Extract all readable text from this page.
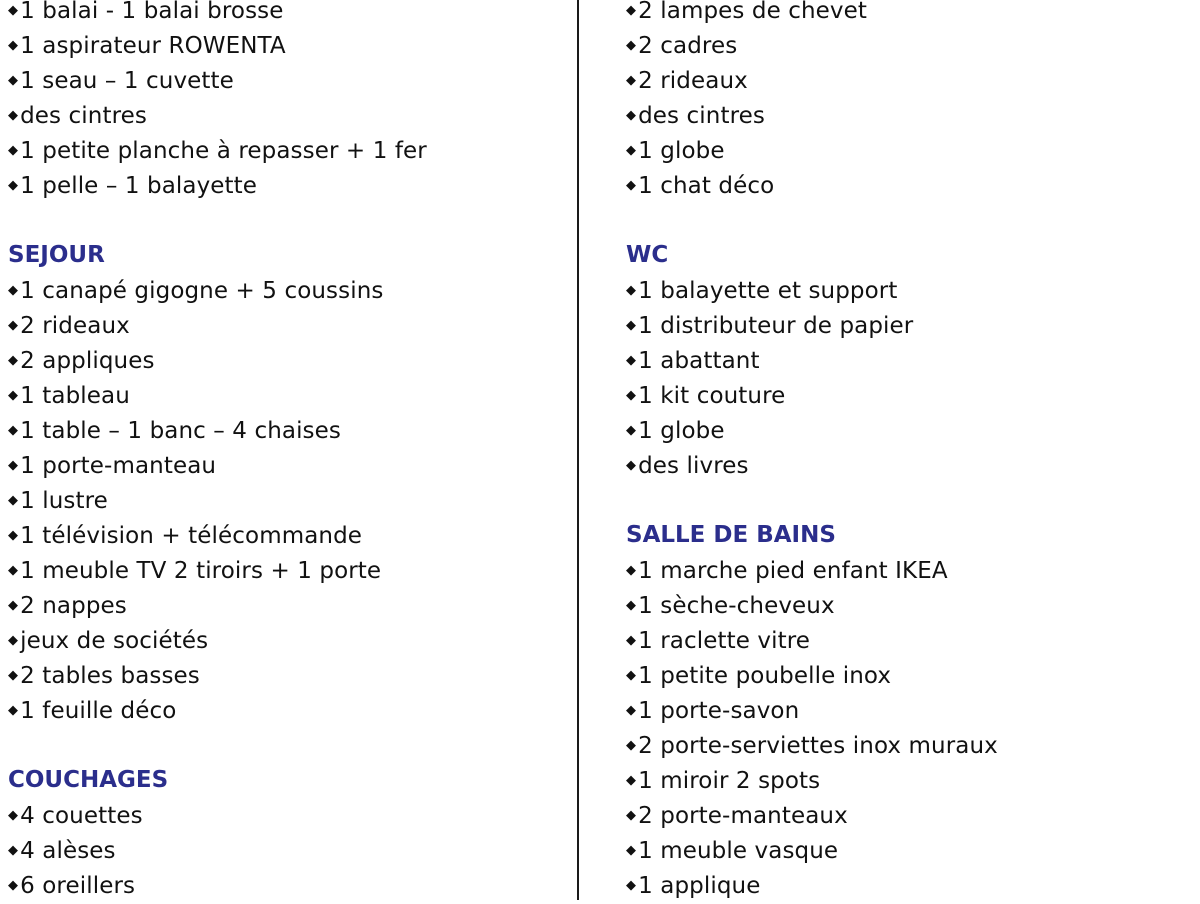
◆1 balai - 1 balai brosse
◆1 aspirateur ROWENTA
◆1 seau – 1 cuvette
◆des cintres
◆1 petite planche à repasser + 1 fer
◆1 pelle – 1 balayette
SEJOUR
◆1 canapé gigogne + 5 coussins
◆2 rideaux
◆2 appliques
◆1 tableau
◆1 table – 1 banc – 4 chaises
◆1 porte-manteau
◆1 lustre
◆1 télévision + télécommande
◆1 meuble TV 2 tiroirs + 1 porte
◆2 nappes
◆jeux de sociétés
◆2 tables basses
◆1 feuille déco
COUCHAGES
◆4 couettes
◆4 alèses
◆6 oreillers
◆2 lampes de chevet
◆2 cadres
◆2 rideaux
◆des cintres
◆1 globe
◆1 chat déco
WC
◆1 balayette et support
◆1 distributeur de papier
◆1 abattant
◆1 kit couture
◆1 globe
◆des livres
SALLE DE BAINS
◆1 marche pied enfant IKEA
◆1 sèche-cheveux
◆1 raclette vitre
◆1 petite poubelle inox
◆1 porte-savon
◆2 porte-serviettes inox muraux
◆1 miroir 2 spots
◆2 porte-manteaux
◆1 meuble vasque
◆1 applique
